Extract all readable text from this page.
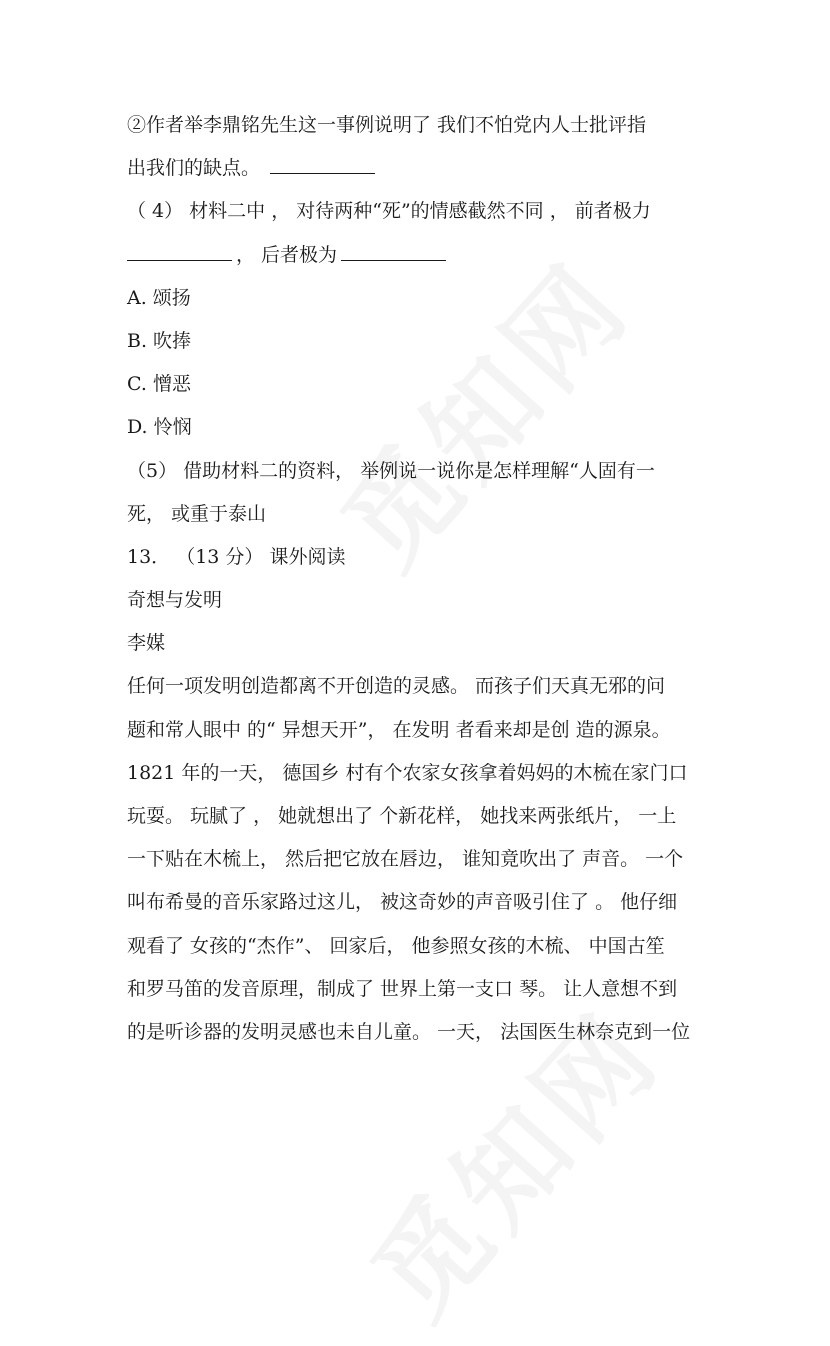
②作者举李鼎铭先生这一事例说明了 我们不怕党内人士批评指
出我们的缺点。
（ 4） 材料二中 ， 对待两种“死”的情感截然不同 ， 前者极力
， 后者极为
A. 颂扬
B. 吹捧
C. 憎恶
D. 怜悯
（5） 借助材料二的资料， 举例说一说你是怎样理解“人固有一
死， 或重于泰山
13． （13 分） 课外阅读
奇想与发明
李媒
任何一项发明创造都离不开创造的灵感。 而孩子们天真无邪的问
题和常人眼中 的“ 异想天开”， 在发明 者看来却是创 造的源泉。
1821 年的一天， 德国乡 村有个农家女孩拿着妈妈的木梳在家门口
玩耍。 玩腻了 ， 她就想出了 个新花样， 她找来两张纸片， 一上
一下贴在木梳上， 然后把它放在唇边， 谁知竟吹出了 声音。 一个
叫布希曼的音乐家路过这儿， 被这奇妙的声音吸引住了 。 他仔细
观看了 女孩的“杰作”、 回家后， 他参照女孩的木梳、 中国古笙
和罗马笛的发音原理，制成了 世界上第一支口 琴。 让人意想不到
的是听诊器的发明灵感也未自儿童。 一天， 法国医生林奈克到一位
